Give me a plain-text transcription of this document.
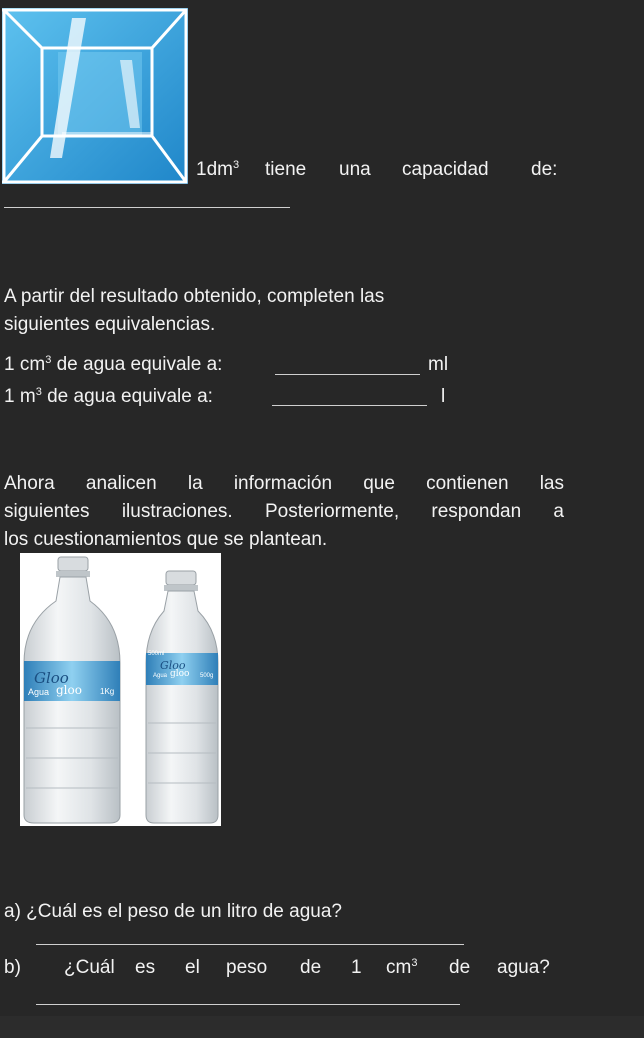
$1dm^3$ tiene una capacidad de:
A partir del resultado obtenido, completen las
siguientes equivalencias.
1 $cm^3$ de agua equivale a:	ml
1 $m^3$ de agua equivale a:	l
Ahora analicen la información que contienen las
siguientes ilustraciones. Posteriormente, respondan a
los cuestionamientos que se plantean.
Gloo
Agua gloo 1Kg
500ml
Gloo
Agua gloo 500g
a) ¿Cuál es el peso de un litro de agua?
b) ¿Cuál es el peso de 1 $cm^3$ de agua?
